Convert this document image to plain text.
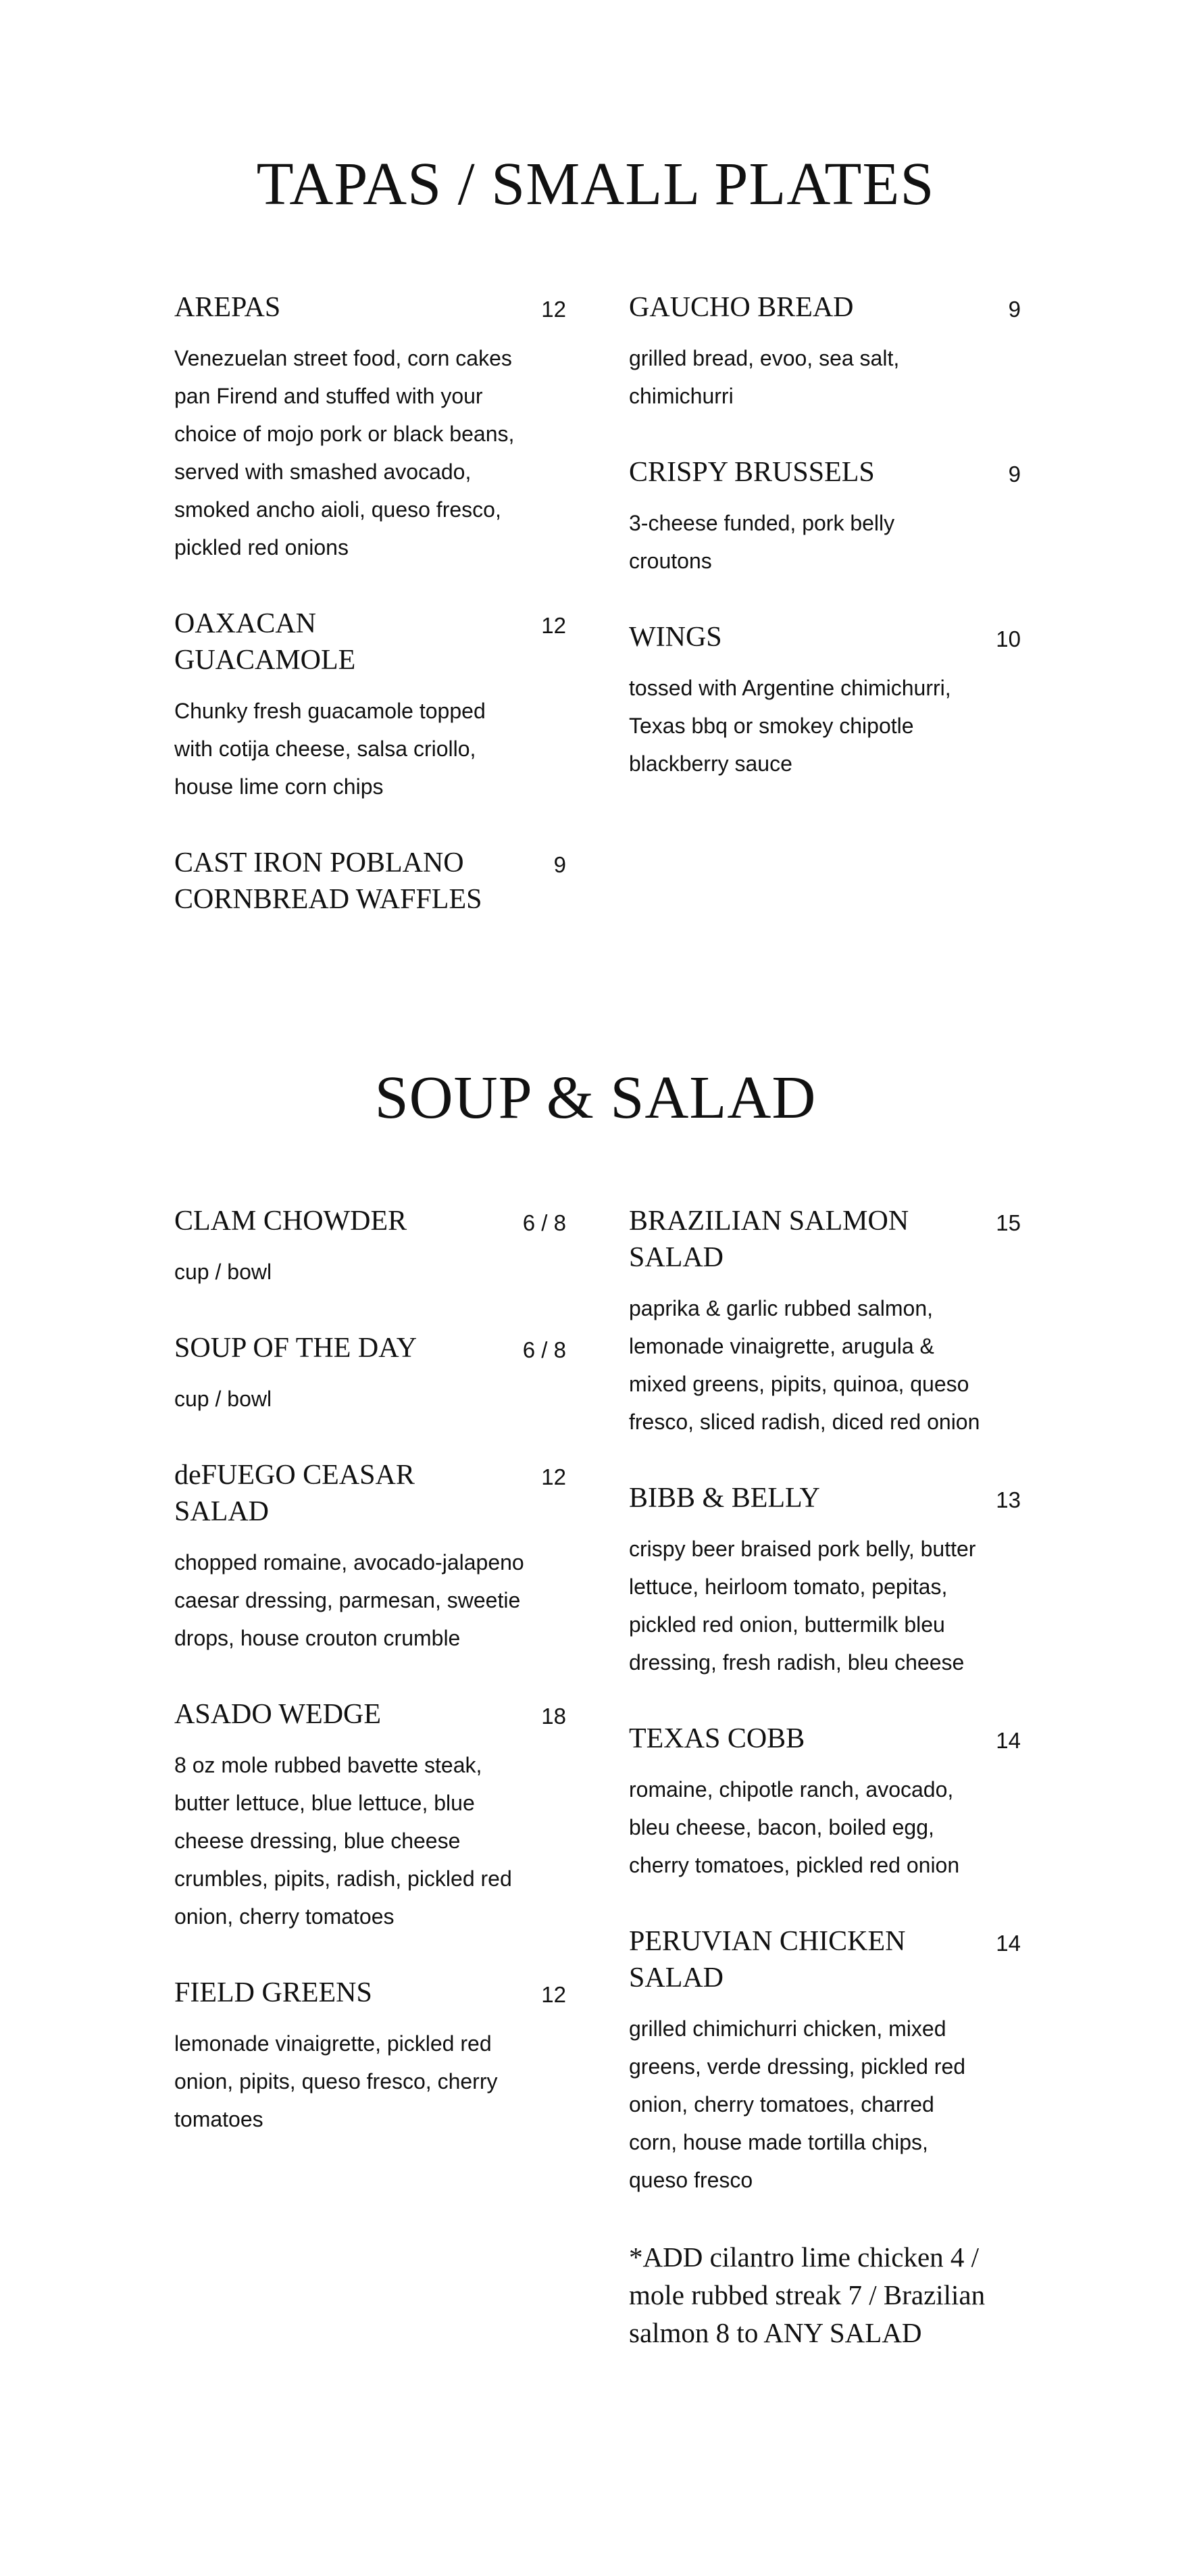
TAPAS / SMALL PLATES
AREPAS	12
Venezuelan street food, corn cakes pan Firend and stuffed with your choice of mojo pork or black beans, served with smashed avocado, smoked ancho aioli, queso fresco, pickled red onions
OAXACAN GUACAMOLE
12
Chunky fresh guacamole topped with cotija cheese, salsa criollo, house lime corn chips
CAST IRON POBLANO CORNBREAD WAFFLES
9
GAUCHO BREAD	9
grilled bread, evoo, sea salt, chimichurri
CRISPY BRUSSELS	9
3-cheese funded, pork belly croutons
WINGS	10
tossed with Argentine chimichurri, Texas bbq or smokey chipotle blackberry sauce
SOUP & SALAD
CLAM CHOWDER	6 / 8
cup / bowl
SOUP OF THE DAY	6 / 8
cup / bowl
deFUEGO CEASAR SALAD
12
chopped romaine, avocado-jalapeno caesar dressing, parmesan, sweetie drops, house crouton crumble
ASADO WEDGE	18
8 oz mole rubbed bavette steak, butter lettuce, blue lettuce, blue cheese dressing, blue cheese crumbles, pipits, radish, pickled red onion, cherry tomatoes
FIELD GREENS	12
lemonade vinaigrette, pickled red onion, pipits, queso fresco, cherry tomatoes
BRAZILIAN SALMON SALAD
15
paprika & garlic rubbed salmon, lemonade vinaigrette, arugula & mixed greens, pipits, quinoa, queso fresco, sliced radish, diced red onion
BIBB & BELLY	13
crispy beer braised pork belly, butter lettuce, heirloom tomato, pepitas, pickled red onion, buttermilk bleu dressing, fresh radish, bleu cheese
TEXAS COBB	14
romaine, chipotle ranch, avocado, bleu cheese, bacon, boiled egg, cherry tomatoes, pickled red onion
PERUVIAN CHICKEN SALAD
14
grilled chimichurri chicken, mixed greens, verde dressing, pickled red onion, cherry tomatoes, charred corn, house made tortilla chips, queso fresco
*ADD cilantro lime chicken 4 / mole rubbed streak 7 / Brazilian salmon 8 to ANY SALAD
